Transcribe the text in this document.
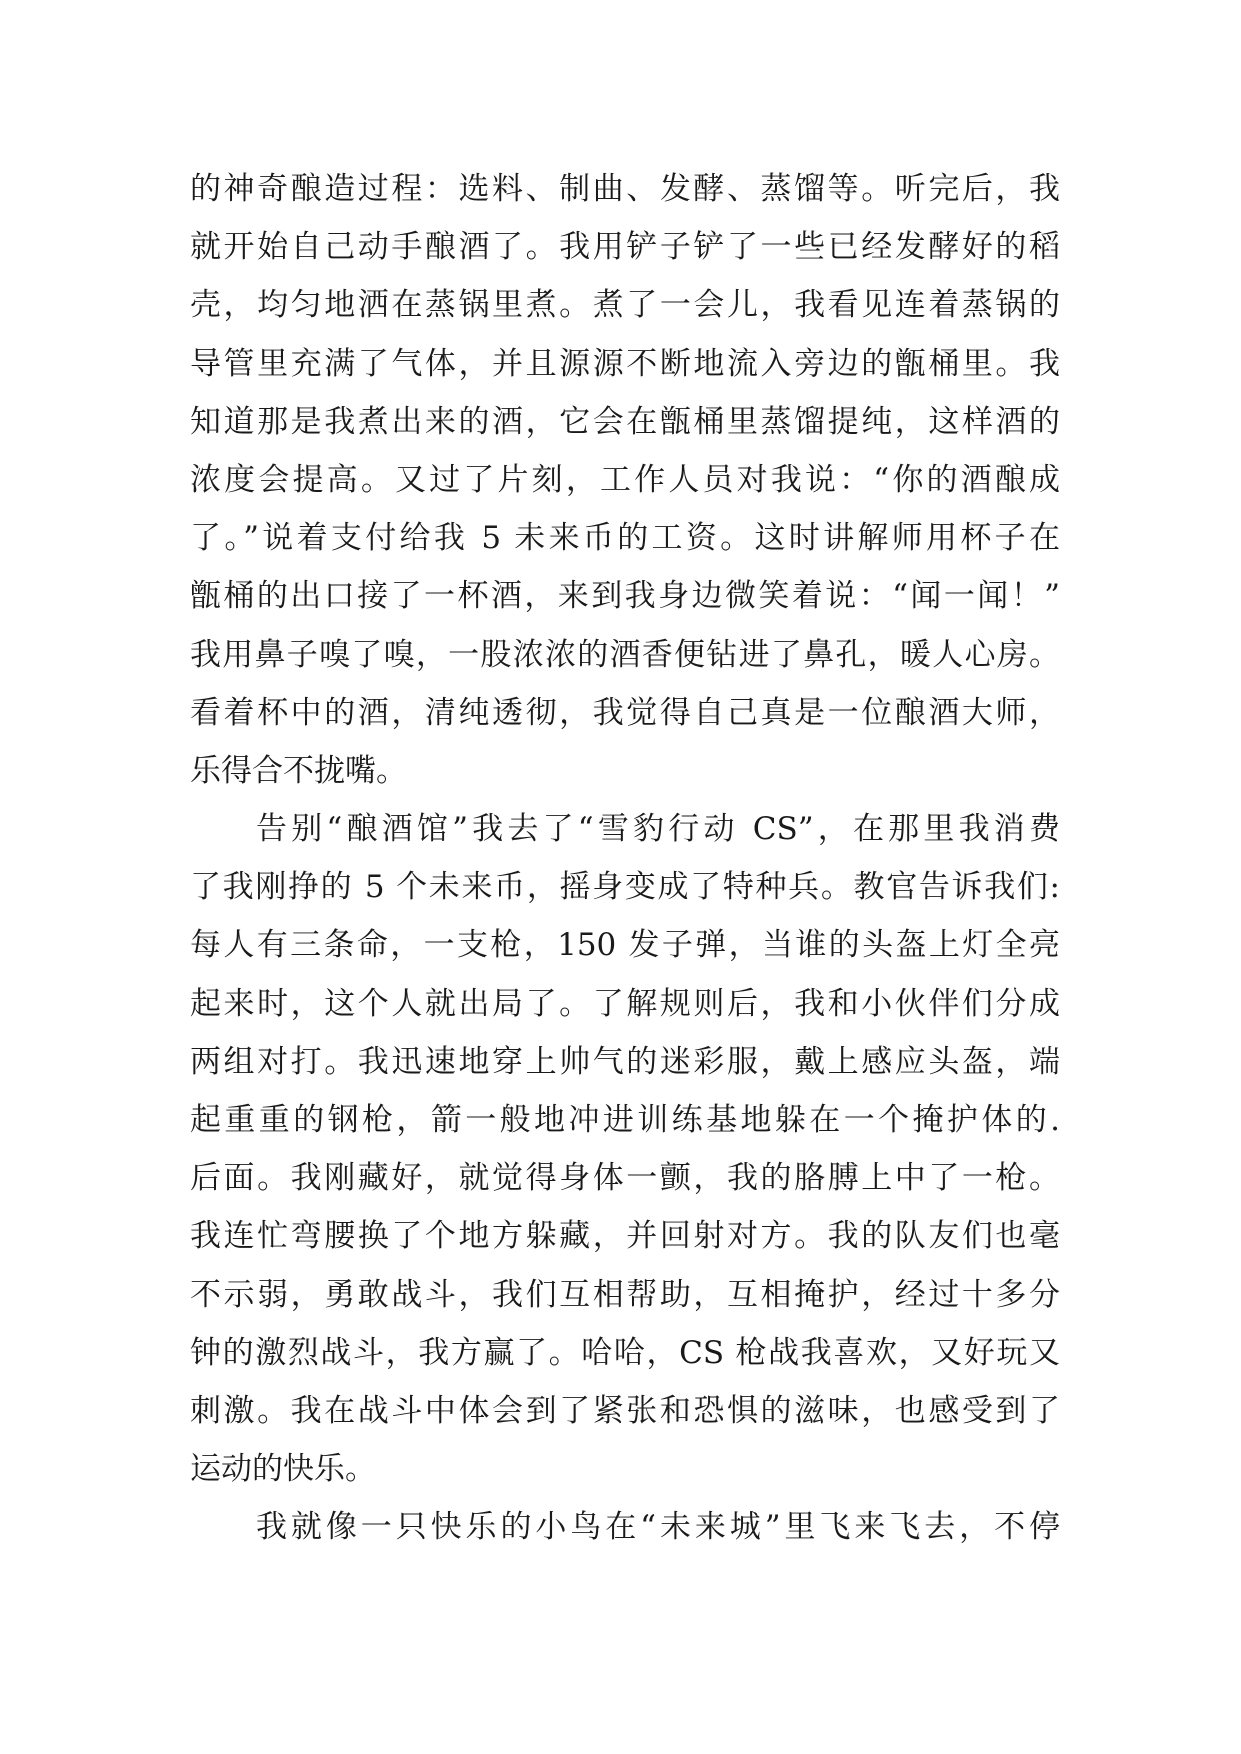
的神奇酿造过程：选料、制曲、发酵、蒸馏等。听完后，我
就开始自己动手酿酒了。我用铲子铲了一些已经发酵好的稻
壳，均匀地洒在蒸锅里煮。煮了一会儿，我看见连着蒸锅的
导管里充满了气体，并且源源不断地流入旁边的甑桶里。我
知道那是我煮出来的酒，它会在甑桶里蒸馏提纯，这样酒的
浓度会提高。又过了片刻，工作人员对我说：“你的酒酿成
了。”说着支付给我 5 未来币的工资。这时讲解师用杯子在
甑桶的出口接了一杯酒，来到我身边微笑着说：“闻一闻！”
我用鼻子嗅了嗅，一股浓浓的酒香便钻进了鼻孔，暖人心房。
看着杯中的酒，清纯透彻，我觉得自己真是一位酿酒大师，
乐得合不拢嘴。
告别“酿酒馆”我去了“雪豹行动 CS”，在那里我消费
了我刚挣的 5 个未来币，摇身变成了特种兵。教官告诉我们:
每人有三条命，一支枪，150 发子弹，当谁的头盔上灯全亮
起来时，这个人就出局了。了解规则后，我和小伙伴们分成
两组对打。我迅速地穿上帅气的迷彩服，戴上感应头盔，端
起重重的钢枪，箭一般地冲进训练基地躲在一个掩护体的.
后面。我刚藏好，就觉得身体一颤，我的胳膊上中了一枪。
我连忙弯腰换了个地方躲藏，并回射对方。我的队友们也毫
不示弱，勇敢战斗，我们互相帮助，互相掩护，经过十多分
钟的激烈战斗，我方赢了。哈哈，CS 枪战我喜欢，又好玩又
刺激。我在战斗中体会到了紧张和恐惧的滋味，也感受到了
运动的快乐。
我就像一只快乐的小鸟在“未来城”里飞来飞去，不停
